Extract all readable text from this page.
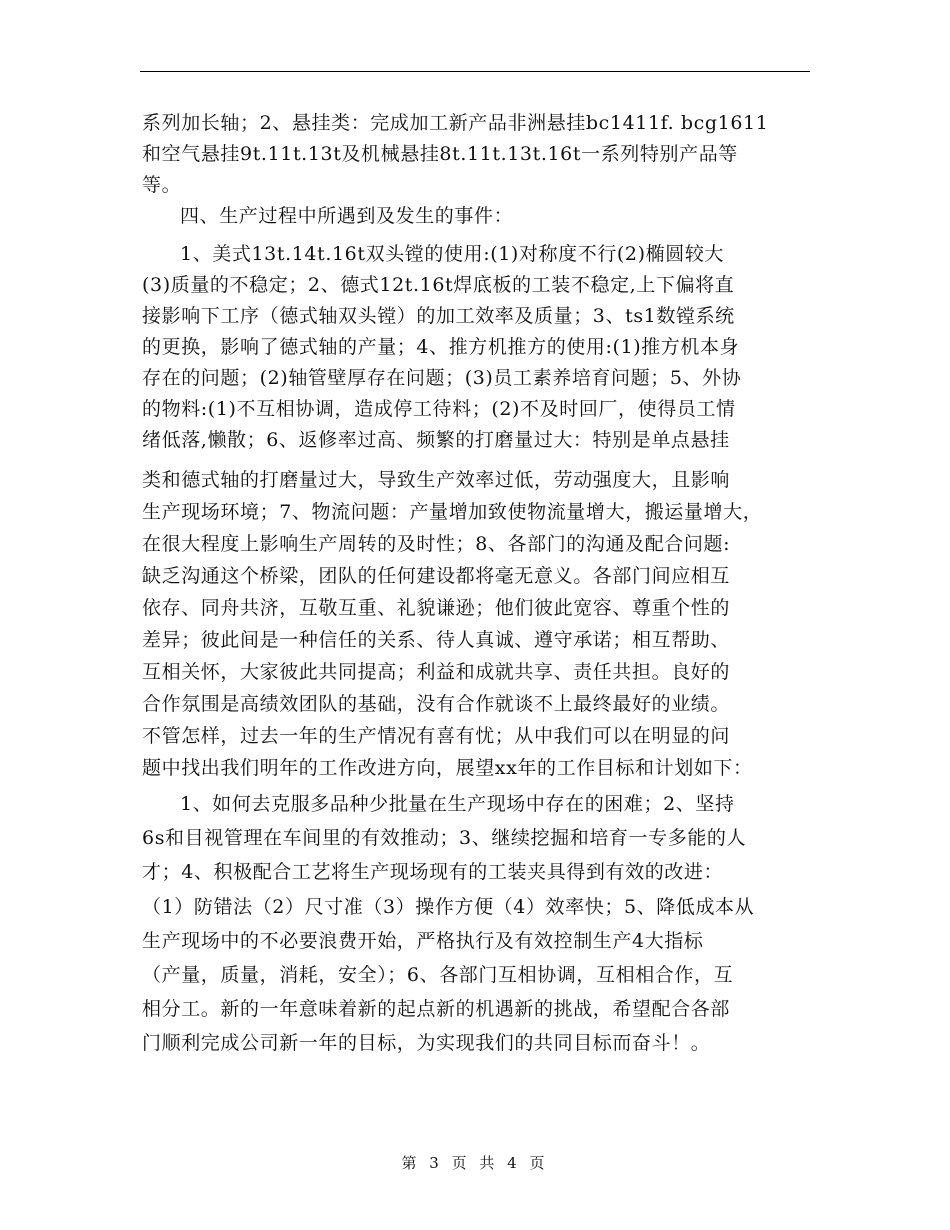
系列加长轴；2、悬挂类：完成加工新产品非洲悬挂bc1411f. bcg1611
和空气悬挂9t.11t.13t及机械悬挂8t.11t.13t.16t一系列特别产品等
等。
四、生产过程中所遇到及发生的事件：
1、美式13t.14t.16t双头镗的使用:(1)对称度不行(2)椭圆较大
(3)质量的不稳定；2、德式12t.16t焊底板的工装不稳定,上下偏将直
接影响下工序（德式轴双头镗）的加工效率及质量；3、ts1数镗系统
的更换，影响了德式轴的产量；4、推方机推方的使用:(1)推方机本身
存在的问题；(2)轴管壁厚存在问题；(3)员工素养培育问题；5、外协
的物料:(1)不互相协调，造成停工待料；(2)不及时回厂，使得员工情
绪低落,懒散；6、返修率过高、频繁的打磨量过大：特别是单点悬挂
类和德式轴的打磨量过大，导致生产效率过低，劳动强度大，且影响
生产现场环境；7、物流问题：产量增加致使物流量增大，搬运量增大，
在很大程度上影响生产周转的及时性；8、各部门的沟通及配合问题:
缺乏沟通这个桥梁，团队的任何建设都将毫无意义。各部门间应相互
依存、同舟共济，互敬互重、礼貌谦逊；他们彼此宽容、尊重个性的
差异；彼此间是一种信任的关系、待人真诚、遵守承诺；相互帮助、
互相关怀，大家彼此共同提高；利益和成就共享、责任共担。良好的
合作氛围是高绩效团队的基础，没有合作就谈不上最终最好的业绩。
不管怎样，过去一年的生产情况有喜有忧；从中我们可以在明显的问
题中找出我们明年的工作改进方向，展望xx年的工作目标和计划如下：
1、如何去克服多品种少批量在生产现场中存在的困难；2、坚持
6s和目视管理在车间里的有效推动；3、继续挖掘和培育一专多能的人
才；4、积极配合工艺将生产现场现有的工装夹具得到有效的改进：
（1）防错法（2）尺寸准（3）操作方便（4）效率快；5、降低成本从
生产现场中的不必要浪费开始，严格执行及有效控制生产4大指标
（产量，质量，消耗，安全）；6、各部门互相协调，互相相合作，互
相分工。新的一年意味着新的起点新的机遇新的挑战，希望配合各部
门顺利完成公司新一年的目标，为实现我们的共同目标而奋斗！。
第 3 页 共 4 页
